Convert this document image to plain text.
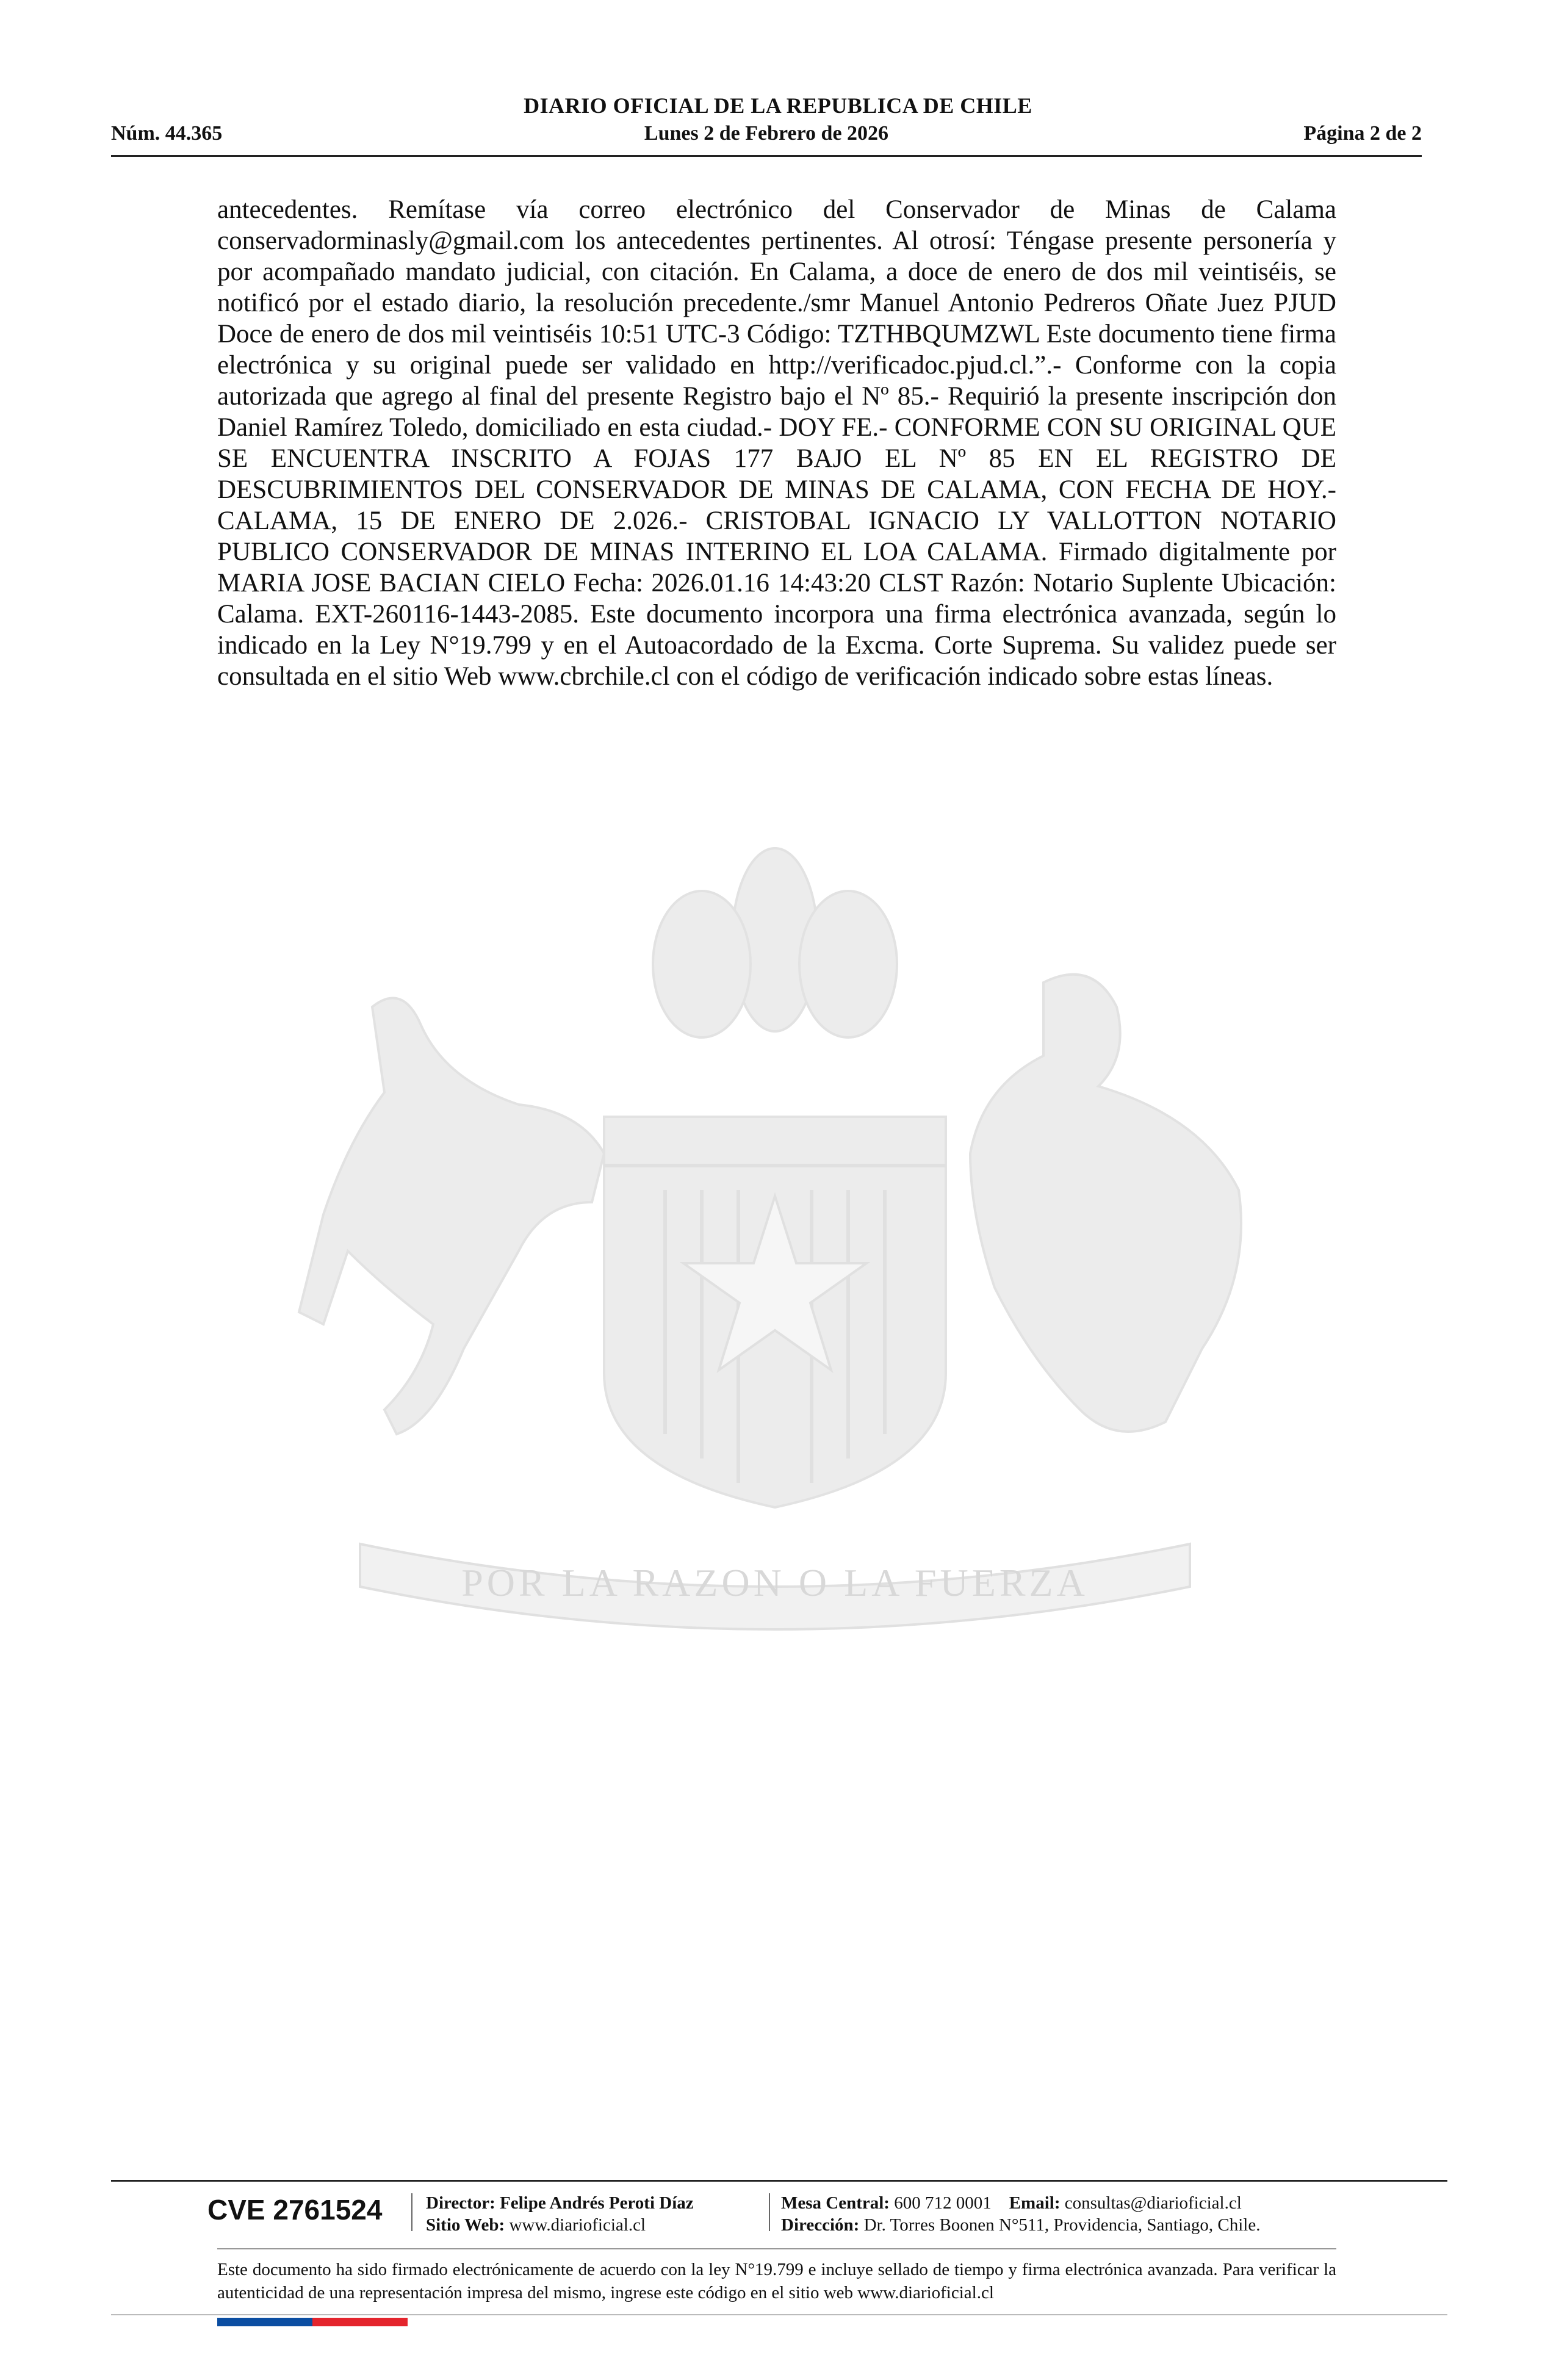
DIARIO OFICIAL DE LA REPUBLICA DE CHILE
Núm. 44.365	Lunes 2 de Febrero de 2026	Página 2 de 2
antecedentes. Remítase vía correo electrónico del Conservador de Minas de Calama conservadorminasly@gmail.com los antecedentes pertinentes. Al otrosí: Téngase presente personería y por acompañado mandato judicial, con citación. En Calama, a doce de enero de dos mil veintiséis, se notificó por el estado diario, la resolución precedente./smr Manuel Antonio Pedreros Oñate Juez PJUD Doce de enero de dos mil veintiséis 10:51 UTC-3 Código: TZTHBQUMZWL Este documento tiene firma electrónica y su original puede ser validado en http://verificadoc.pjud.cl.”.- Conforme con la copia autorizada que agrego al final del presente Registro bajo el Nº 85.- Requirió la presente inscripción don Daniel Ramírez Toledo, domiciliado en esta ciudad.- DOY FE.- CONFORME CON SU ORIGINAL QUE SE ENCUENTRA INSCRITO A FOJAS 177 BAJO EL Nº 85 EN EL REGISTRO DE DESCUBRIMIENTOS DEL CONSERVADOR DE MINAS DE CALAMA, CON FECHA DE HOY.- CALAMA, 15 DE ENERO DE 2.026.- CRISTOBAL IGNACIO LY VALLOTTON NOTARIO PUBLICO CONSERVADOR DE MINAS INTERINO EL LOA CALAMA. Firmado digitalmente por MARIA JOSE BACIAN CIELO Fecha: 2026.01.16 14:43:20 CLST Razón: Notario Suplente Ubicación: Calama. EXT-260116-1443-2085. Este documento incorpora una firma electrónica avanzada, según lo indicado en la Ley N°19.799 y en el Autoacordado de la Excma. Corte Suprema. Su validez puede ser consultada en el sitio Web www.cbrchile.cl con el código de verificación indicado sobre estas líneas.
POR LA RAZON O LA FUERZA
CVE 2761524 Director: Felipe Andrés Peroti Díaz
Sitio Web: www.diarioficial.cl
Mesa Central: 600 712 0001 Email: consultas@diarioficial.cl
Dirección: Dr. Torres Boonen N°511, Providencia, Santiago, Chile.
Este documento ha sido firmado electrónicamente de acuerdo con la ley N°19.799 e incluye sellado de tiempo y firma electrónica avanzada. Para verificar la autenticidad de una representación impresa del mismo, ingrese este código en el sitio web www.diarioficial.cl
